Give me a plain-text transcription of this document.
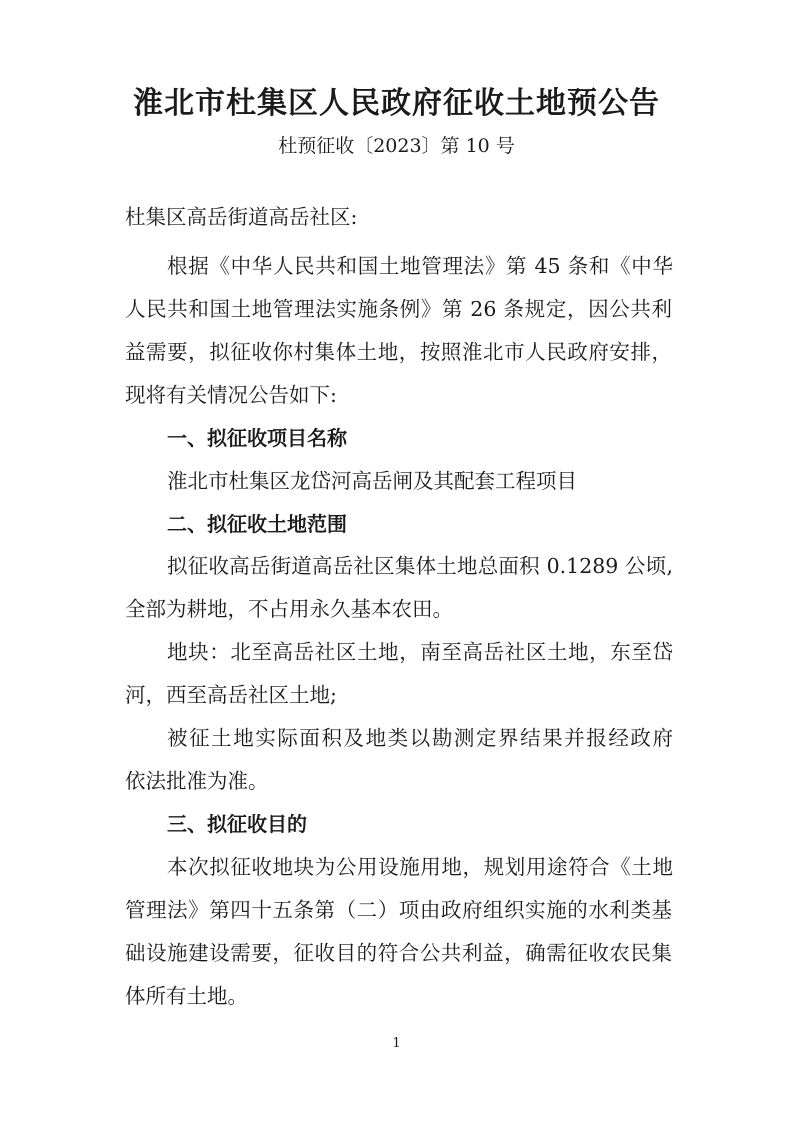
淮北市杜集区人民政府征收土地预公告
杜预征收〔2023〕第 10 号
杜集区高岳街道高岳社区:
根据《中华人民共和国土地管理法》第 45 条和《中华
人民共和国土地管理法实施条例》第 26 条规定，因公共利
益需要，拟征收你村集体土地，按照淮北市人民政府安排，
现将有关情况公告如下:
一、拟征收项目名称
淮北市杜集区龙岱河高岳闸及其配套工程项目
二、拟征收土地范围
拟征收高岳街道高岳社区集体土地总面积 0.1289 公顷,
全部为耕地，不占用永久基本农田。
地块：北至高岳社区土地，南至高岳社区土地，东至岱
河，西至高岳社区土地;
被征土地实际面积及地类以勘测定界结果并报经政府
依法批准为准。
三、拟征收目的
本次拟征收地块为公用设施用地，规划用途符合《土地
管理法》第四十五条第（二）项由政府组织实施的水利类基
础设施建设需要，征收目的符合公共利益，确需征收农民集
体所有土地。
1
